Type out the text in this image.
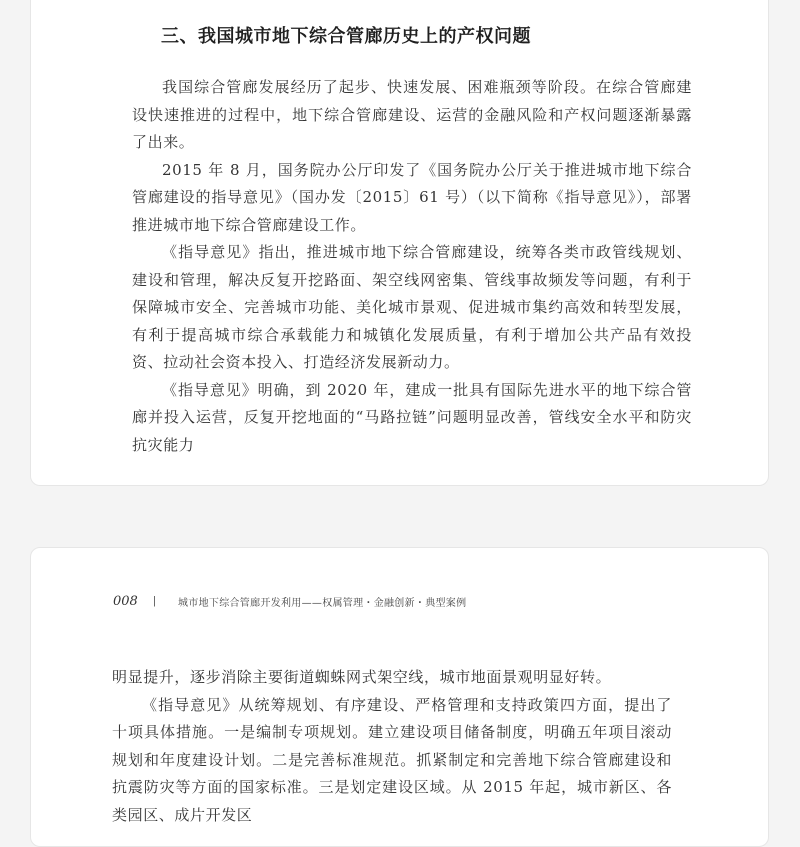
三、我国城市地下综合管廊历史上的产权问题

我国综合管廊发展经历了起步、快速发展、困难瓶颈等阶段。在综合管廊建设快速推进的过程中，地下综合管廊建设、运营的金融风险和产权问题逐渐暴露了出来。

2015 年 8 月，国务院办公厅印发了《国务院办公厅关于推进城市地下综合管廊建设的指导意见》（国办发〔2015〕61 号）（以下简称《指导意见》），部署推进城市地下综合管廊建设工作。

《指导意见》指出，推进城市地下综合管廊建设，统筹各类市政管线规划、建设和管理，解决反复开挖路面、架空线网密集、管线事故频发等问题，有利于保障城市安全、完善城市功能、美化城市景观、促进城市集约高效和转型发展，有利于提高城市综合承载能力和城镇化发展质量，有利于增加公共产品有效投资、拉动社会资本投入、打造经济发展新动力。

《指导意见》明确，到 2020 年，建成一批具有国际先进水平的地下综合管廊并投入运营，反复开挖地面的“马路拉链”问题明显改善，管线安全水平和防灾抗灾能力

008	|	城市地下综合管廊开发利用——权属管理・金融创新・典型案例

明显提升，逐步消除主要街道蜘蛛网式架空线，城市地面景观明显好转。

《指导意见》从统筹规划、有序建设、严格管理和支持政策四方面，提出了十项具体措施。一是编制专项规划。建立建设项目储备制度，明确五年项目滚动规划和年度建设计划。二是完善标准规范。抓紧制定和完善地下综合管廊建设和抗震防灾等方面的国家标准。三是划定建设区域。从 2015 年起，城市新区、各类园区、成片开发区
